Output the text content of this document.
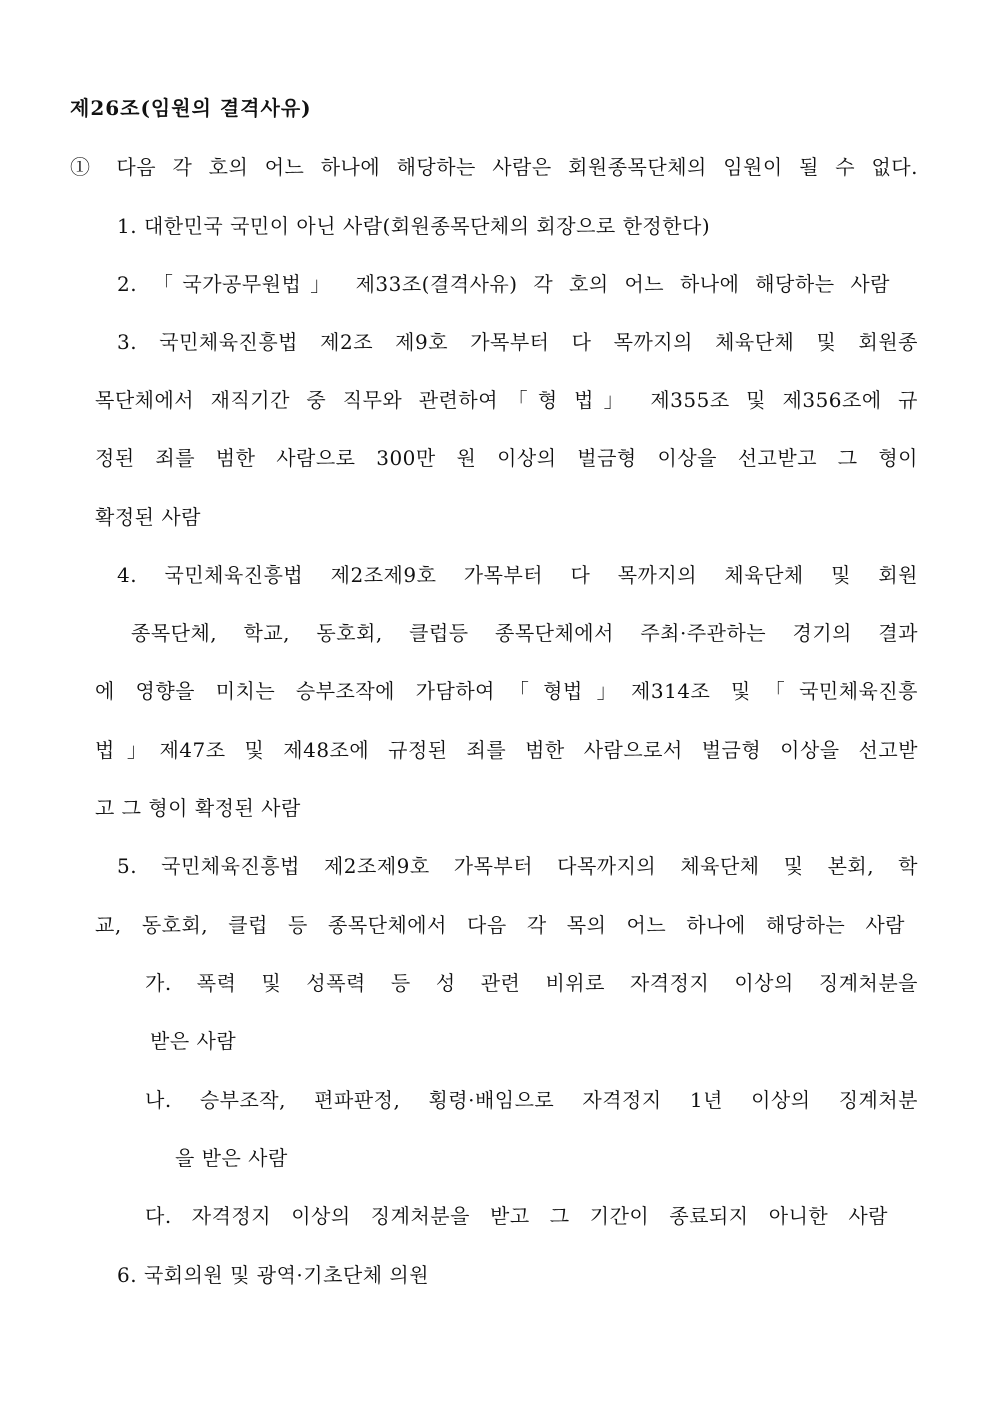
제26조(임원의 결격사유)
① 다음 각 호의 어느 하나에 해당하는 사람은 회원종목단체의 임원이 될 수 없다.
1. 대한민국 국민이 아닌 사람(회원종목단체의 회장으로 한정한다)
2. 「국가공무원법」 제33조(결격사유) 각 호의 어느 하나에 해당하는 사람
3. 국민체육진흥법 제2조 제9호 가목부터 다 목까지의 체육단체 및 회원종
목단체에서 재직기간 중 직무와 관련하여「형 법」 제355조 및 제356조에 규
정된 죄를 범한 사람으로 300만 원 이상의 벌금형 이상을 선고받고 그 형이
확정된 사람
4. 국민체육진흥법 제2조제9호 가목부터 다 목까지의 체육단체 및 회원
종목단체, 학교, 동호회, 클럽등 종목단체에서 주최·주관하는 경기의 결과
에 영향을 미치는 승부조작에 가담하여「형법」제314조 및「국민체육진흥
법」제47조 및 제48조에 규정된 죄를 범한 사람으로서 벌금형 이상을 선고받
고 그 형이 확정된 사람
5. 국민체육진흥법 제2조제9호 가목부터 다목까지의 체육단체 및 본회, 학
교, 동호회, 클럽 등 종목단체에서 다음 각 목의 어느 하나에 해당하는 사람
가. 폭력 및 성폭력 등 성 관련 비위로 자격정지 이상의 징계처분을
받은 사람
나. 승부조작, 편파판정, 횡령·배임으로 자격정지 1년 이상의 징계처분
을 받은 사람
다. 자격정지 이상의 징계처분을 받고 그 기간이 종료되지 아니한 사람
6. 국회의원 및 광역·기초단체 의원
